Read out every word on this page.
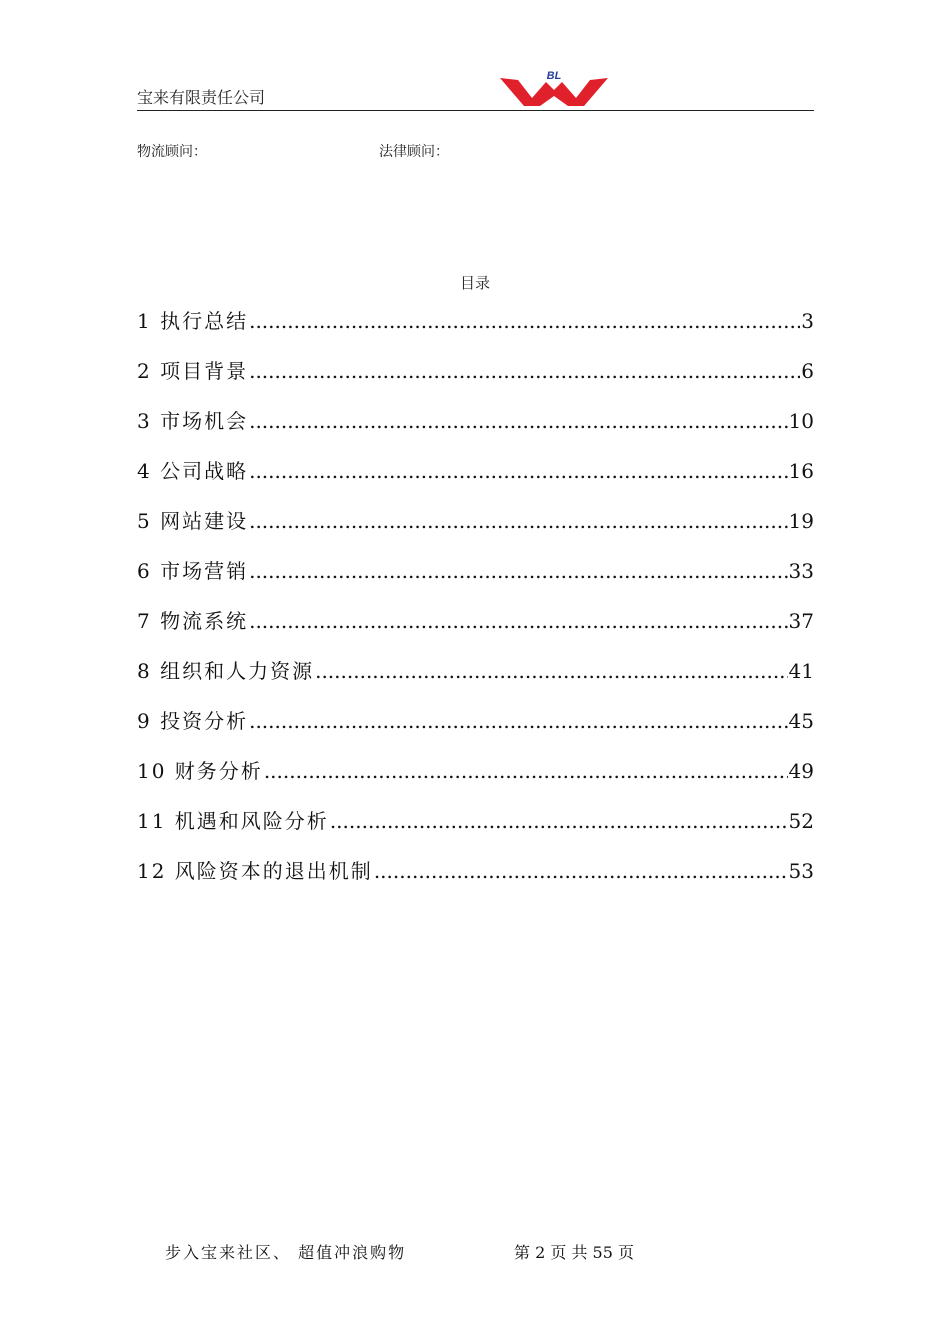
宝来有限责任公司
BL
物流顾问：	法律顾问：
目录
1 执行总结 .....	3
2 项目背景 .....	6
3 市场机会 .....	10
4 公司战略 .....	16
5 网站建设 .....	19
6 市场营销 .....	33
7 物流系统 .....	37
8 组织和人力资源 .....	41
9 投资分析 .....	45
10 财务分析 .....	49
11 机遇和风险分析 .....	52
12 风险资本的退出机制 .....	53
步入宝来社区、 超值冲浪购物	第 2 页 共 55 页
